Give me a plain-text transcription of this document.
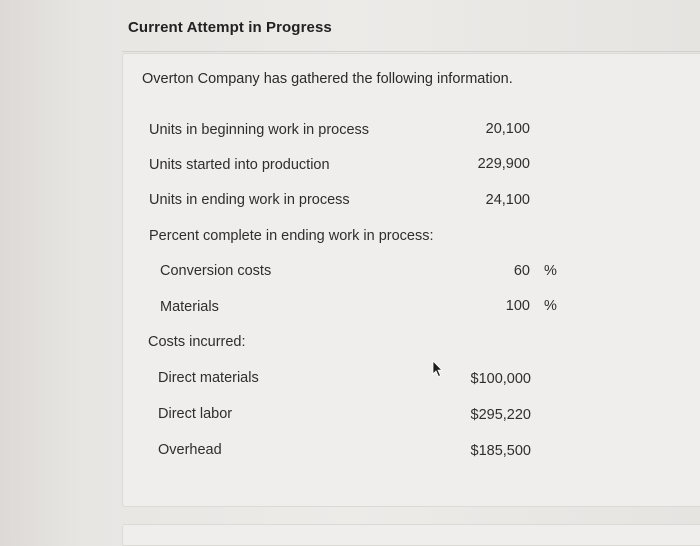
Current Attempt in Progress
Overton Company has gathered the following information.
Units in beginning work in process	20,100
Units started into production	229,900
Units in ending work in process	24,100
Percent complete in ending work in process:
Conversion costs	60 %
Materials	100 %
Costs incurred:
Direct materials	$100,000
Direct labor	$295,220
Overhead	$185,500
